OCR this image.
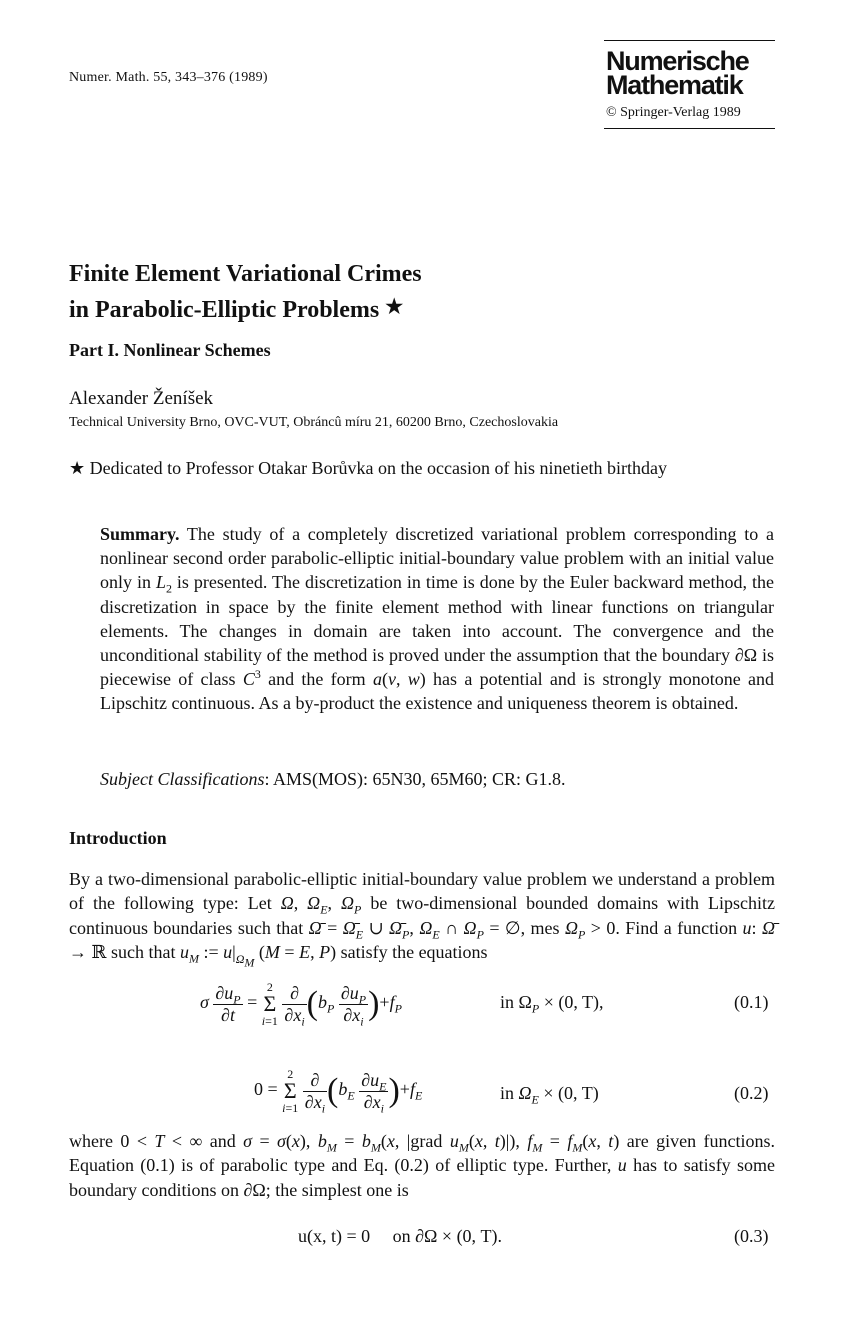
Numer. Math. 55, 343–376 (1989)
Numerische
Mathematik
© Springer-Verlag 1989
Finite Element Variational Crimes
in Parabolic-Elliptic Problems ★
Part I. Nonlinear Schemes
Alexander Ženíšek
Technical University Brno, OVC-VUT, Obráncû míru 21, 60200 Brno, Czechoslovakia
★ Dedicated to Professor Otakar Borůvka on the occasion of his ninetieth birthday
Summary. The study of a completely discretized variational problem corresponding to a nonlinear second order parabolic-elliptic initial-boundary value problem with an initial value only in $L_2$ is presented. The discretization in time is done by the Euler backward method, the discretization in space by the finite element method with linear functions on triangular elements. The changes in domain are taken into account. The convergence and the unconditional stability of the method is proved under the assumption that the boundary ∂Ω is piecewise of class $C^3$ and the form a(v, w) has a potential and is strongly monotone and Lipschitz continuous. As a by-product the existence and uniqueness theorem is obtained.
Subject Classifications: AMS(MOS): 65N30, 65M60; CR: G1.8.
Introduction
By a two-dimensional parabolic-elliptic initial-boundary value problem we understand a problem of the following type: Let Ω, $\Omega_E$, $\Omega_P$ be two-dimensional bounded domains with Lipschitz continuous boundaries such that Ω̄ = $\Omegā_E$ ∪ $\Omegā_P$, $\Omega_E$ ∩ $\Omega_P$ = ∅, mes $\Omega_P > 0$. Find a function u: Ω̄ → ℝ such that $u_M$ := $u|_{\Omega_M}$ (M = E, P) satisfy the equations
σ $\frac{\partial u_P}{\partial t}$ =
2
Σ
i=1
$\frac{\partial}{\partial x_i} (b_P \frac{\partial u_P}{\partial x_i} )+f_P$	in $\Omega_P \times (0$, T),	(0.1)
0 =
2
Σ
i=1
$\frac{\partial}{\partial x_i} (b_E \frac{\partial u_E}{\partial x_i} )+f_E$	in $\Omega_E \times (0$, T)	(0.2)
where 0 < T < ∞ and σ = σ(x), $b_M = b_M(x$, |grad $u_M(x$, t)|), $f_M = f_M(x$, t) are given functions. Equation (0.1) is of parabolic type and Eq. (0.2) of elliptic type. Further, u has to satisfy some boundary conditions on ∂Ω; the simplest one is
u(x, t) = 0 on ∂Ω × (0, T).	(0.3)
